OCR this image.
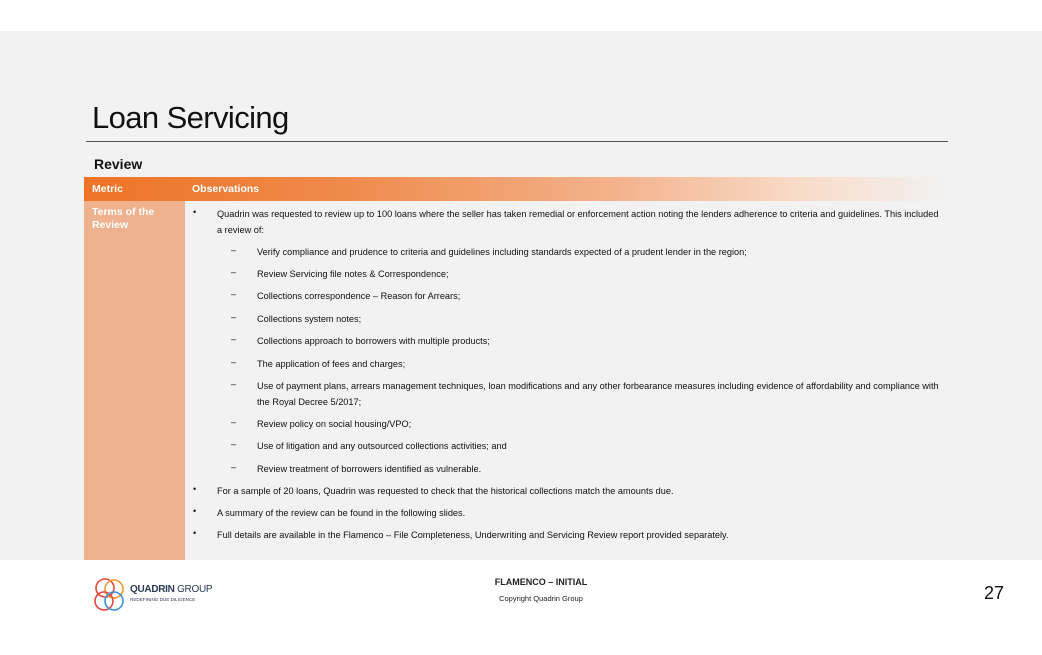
Loan Servicing
Review
Metric	Observations
Terms of the Review
• Quadrin was requested to review up to 100 loans where the seller has taken remedial or enforcement action noting the lenders adherence to criteria and guidelines. This included a review of:
– Verify compliance and prudence to criteria and guidelines including standards expected of a prudent lender in the region;
– Review Servicing file notes & Correspondence;
– Collections correspondence – Reason for Arrears;
– Collections system notes;
– Collections approach to borrowers with multiple products;
– The application of fees and charges;
– Use of payment plans, arrears management techniques, loan modifications and any other forbearance measures including evidence of affordability and compliance with the Royal Decree 5/2017;
– Review policy on social housing/VPO;
– Use of litigation and any outsourced collections activities; and
– Review treatment of borrowers identified as vulnerable.
• For a sample of 20 loans, Quadrin was requested to check that the historical collections match the amounts due.
• A summary of the review can be found in the following slides.
• Full details are available in the Flamenco – File Completeness, Underwriting and Servicing Review report provided separately.
QUADRIN GROUP
REDEFINING DUE DILIGENCE
FLAMENCO – INITIAL
Copyright Quadrin Group	27
